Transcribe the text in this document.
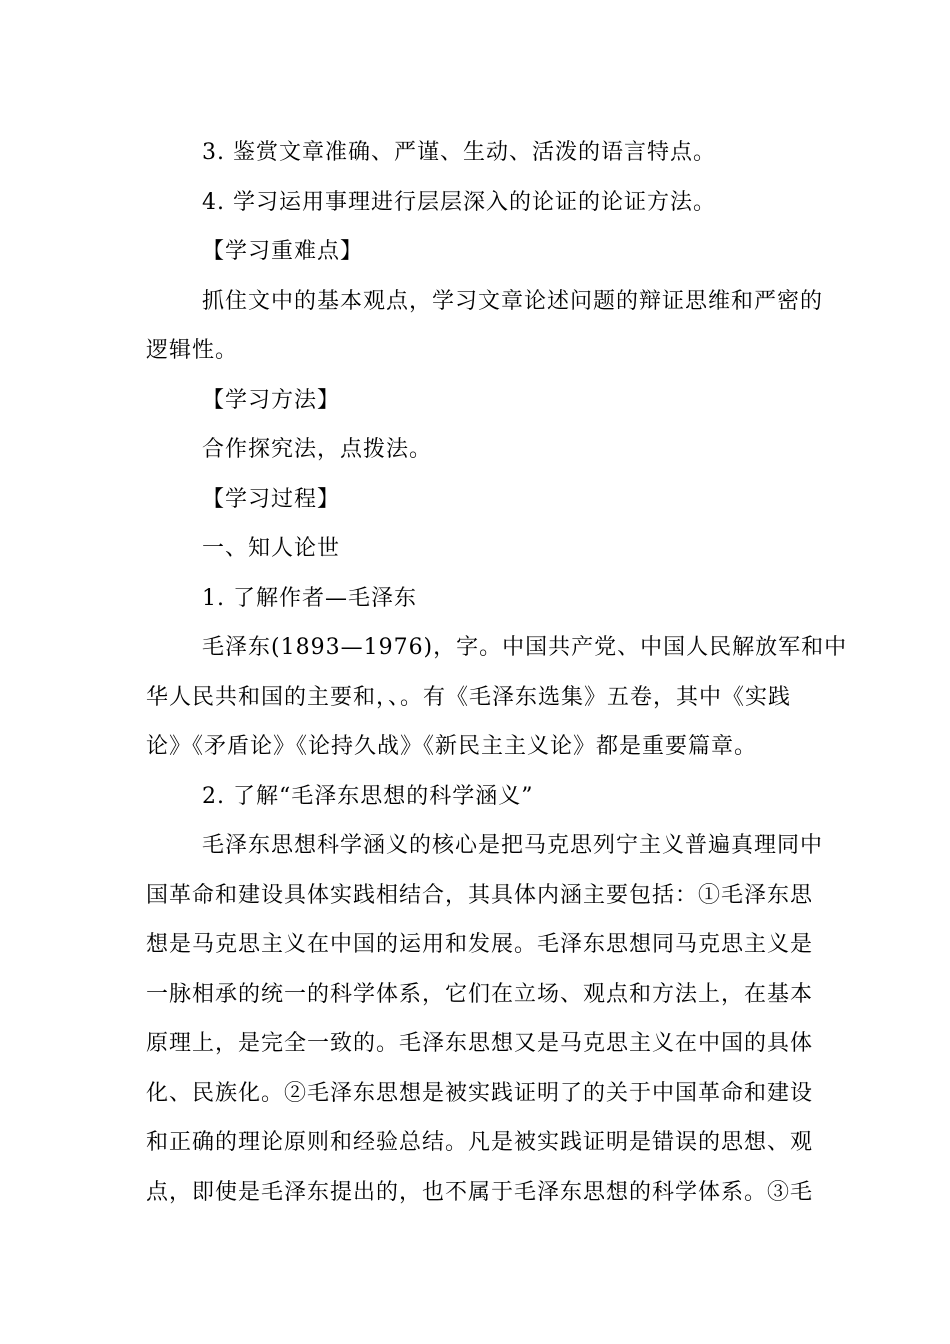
3. 鉴赏文章准确、严谨、生动、活泼的语言特点。
4. 学习运用事理进行层层深入的论证的论证方法。
【学习重难点】
抓住文中的基本观点，学习文章论述问题的辩证思维和严密的
逻辑性。
【学习方法】
合作探究法，点拨法。
【学习过程】
一、知人论世
1. 了解作者—毛泽东
毛泽东(1893—1976)，字。中国共产党、中国人民解放军和中
华人民共和国的主要和，、。有《毛泽东选集》五卷，其中《实践
论》《矛盾论》《论持久战》《新民主主义论》都是重要篇章。
2. 了解“毛泽东思想的科学涵义”
毛泽东思想科学涵义的核心是把马克思列宁主义普遍真理同中
国革命和建设具体实践相结合，其具体内涵主要包括：①毛泽东思
想是马克思主义在中国的运用和发展。毛泽东思想同马克思主义是
一脉相承的统一的科学体系，它们在立场、观点和方法上，在基本
原理上，是完全一致的。毛泽东思想又是马克思主义在中国的具体
化、民族化。②毛泽东思想是被实践证明了的关于中国革命和建设
和正确的理论原则和经验总结。凡是被实践证明是错误的思想、观
点，即使是毛泽东提出的，也不属于毛泽东思想的科学体系。③毛
